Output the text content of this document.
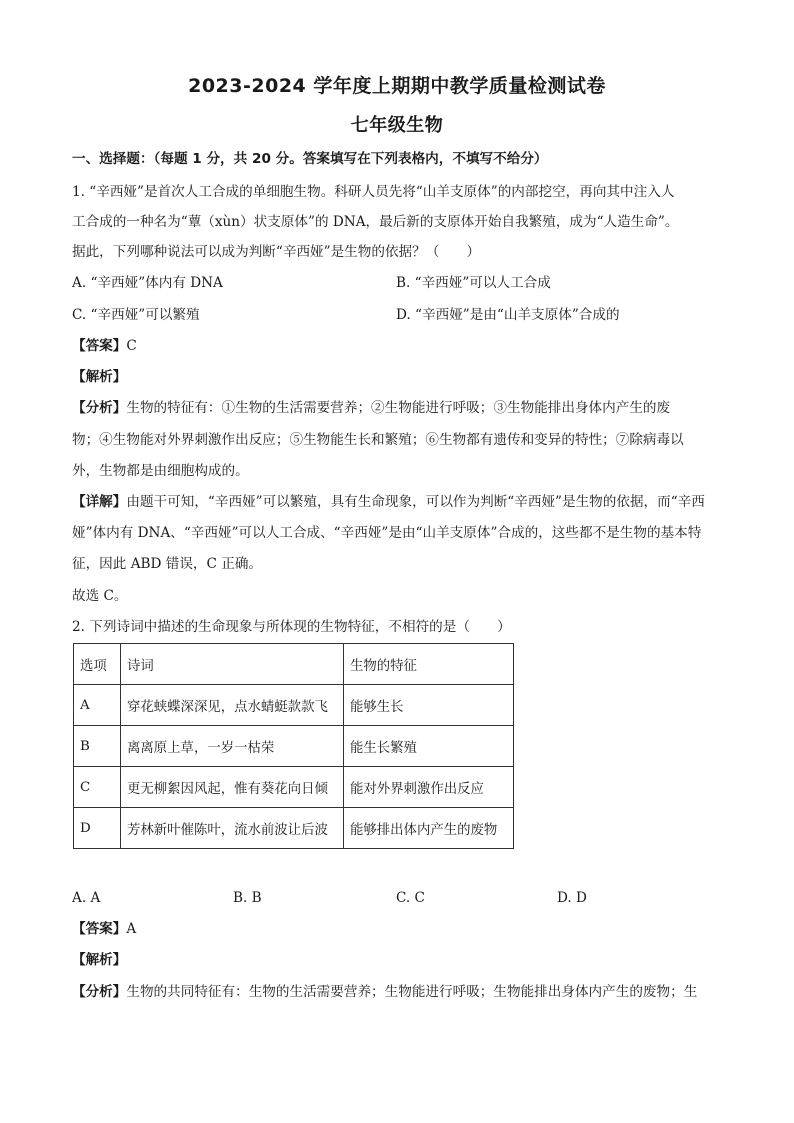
2023-2024 学年度上期期中教学质量检测试卷
七年级生物
一、选择题：（每题 1 分，共 20 分。答案填写在下列表格内，不填写不给分）
1. “辛西娅”是首次人工合成的单细胞生物。科研人员先将“山羊支原体”的内部挖空，再向其中注入人
工合成的一种名为“蕈（xùn）状支原体”的 DNA，最后新的支原体开始自我繁殖，成为“人造生命”。
据此，下列哪种说法可以成为判断“辛西娅”是生物的依据？（　　）
A. “辛西娅”体内有 DNA	B. “辛西娅”可以人工合成
C. “辛西娅”可以繁殖	D. “辛西娅”是由“山羊支原体”合成的
【答案】C
【解析】
【分析】生物的特征有：①生物的生活需要营养；②生物能进行呼吸；③生物能排出身体内产生的废
物；④生物能对外界刺激作出反应；⑤生物能生长和繁殖；⑥生物都有遗传和变异的特性；⑦除病毒以
外，生物都是由细胞构成的。
【详解】由题干可知，“辛西娅”可以繁殖，具有生命现象，可以作为判断“辛西娅”是生物的依据，而“辛西
娅”体内有 DNA、“辛西娅”可以人工合成、“辛西娅”是由“山羊支原体”合成的，这些都不是生物的基本特
征，因此 ABD 错误，C 正确。
故选 C。
2. 下列诗词中描述的生命现象与所体现的生物特征，不相符的是（　　）
选项	诗词	生物的特征
A	穿花蛱蝶深深见，点水蜻蜓款款飞	能够生长
B	离离原上草，一岁一枯荣	能生长繁殖
C	更无柳絮因风起，惟有葵花向日倾	能对外界刺激作出反应
D	芳林新叶催陈叶，流水前波让后波	能够排出体内产生的废物
A. A	B. B	C. C	D. D
【答案】A
【解析】
【分析】生物的共同特征有：生物的生活需要营养；生物能进行呼吸；生物能排出身体内产生的废物；生
